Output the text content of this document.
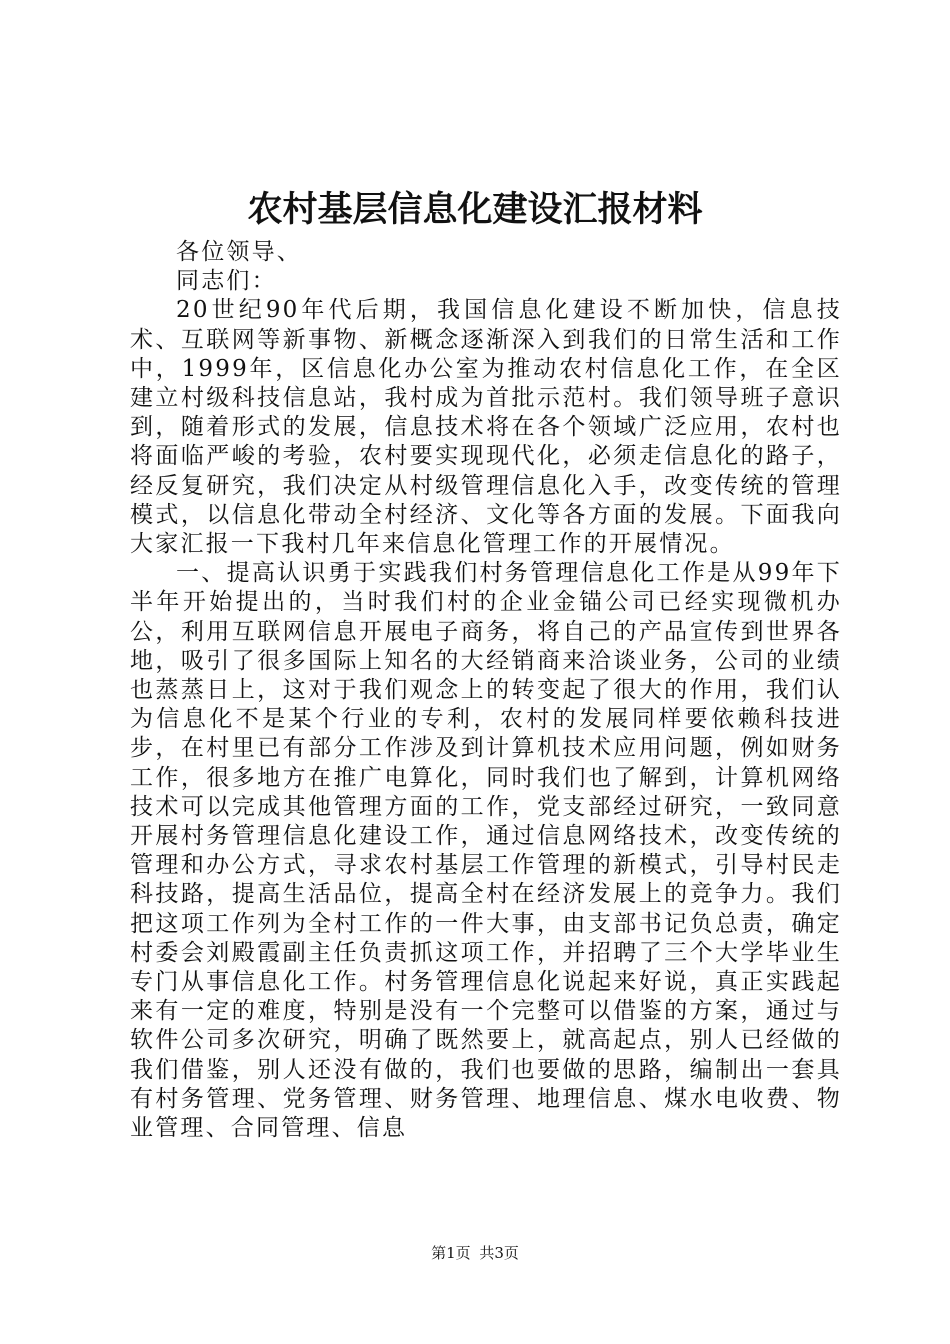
农村基层信息化建设汇报材料

各位领导、

同志们：

20世纪90年代后期，我国信息化建设不断加快，信息技术、互联网等新事物、新概念逐渐深入到我们的日常生活和工作中，1999年，区信息化办公室为推动农村信息化工作，在全区建立村级科技信息站，我村成为首批示范村。我们领导班子意识到，随着形式的发展，信息技术将在各个领域广泛应用，农村也将面临严峻的考验，农村要实现现代化，必须走信息化的路子，经反复研究，我们决定从村级管理信息化入手，改变传统的管理模式，以信息化带动全村经济、文化等各方面的发展。下面我向大家汇报一下我村几年来信息化管理工作的开展情况。

一、提高认识勇于实践我们村务管理信息化工作是从99年下半年开始提出的，当时我们村的企业金锚公司已经实现微机办公，利用互联网信息开展电子商务，将自己的产品宣传到世界各地，吸引了很多国际上知名的大经销商来洽谈业务，公司的业绩也蒸蒸日上，这对于我们观念上的转变起了很大的作用，我们认为信息化不是某个行业的专利，农村的发展同样要依赖科技进步，在村里已有部分工作涉及到计算机技术应用问题，例如财务工作，很多地方在推广电算化，同时我们也了解到，计算机网络技术可以完成其他管理方面的工作，党支部经过研究，一致同意开展村务管理信息化建设工作，通过信息网络技术，改变传统的管理和办公方式，寻求农村基层工作管理的新模式，引导村民走科技路，提高生活品位，提高全村在经济发展上的竞争力。我们把这项工作列为全村工作的一件大事，由支部书记负总责，确定村委会刘殿霞副主任负责抓这项工作，并招聘了三个大学毕业生专门从事信息化工作。村务管理信息化说起来好说，真正实践起来有一定的难度，特别是没有一个完整可以借鉴的方案，通过与软件公司多次研究，明确了既然要上，就高起点，别人已经做的我们借鉴，别人还没有做的，我们也要做的思路，编制出一套具有村务管理、党务管理、财务管理、地理信息、煤水电收费、物业管理、合同管理、信息

第1页 共3页
